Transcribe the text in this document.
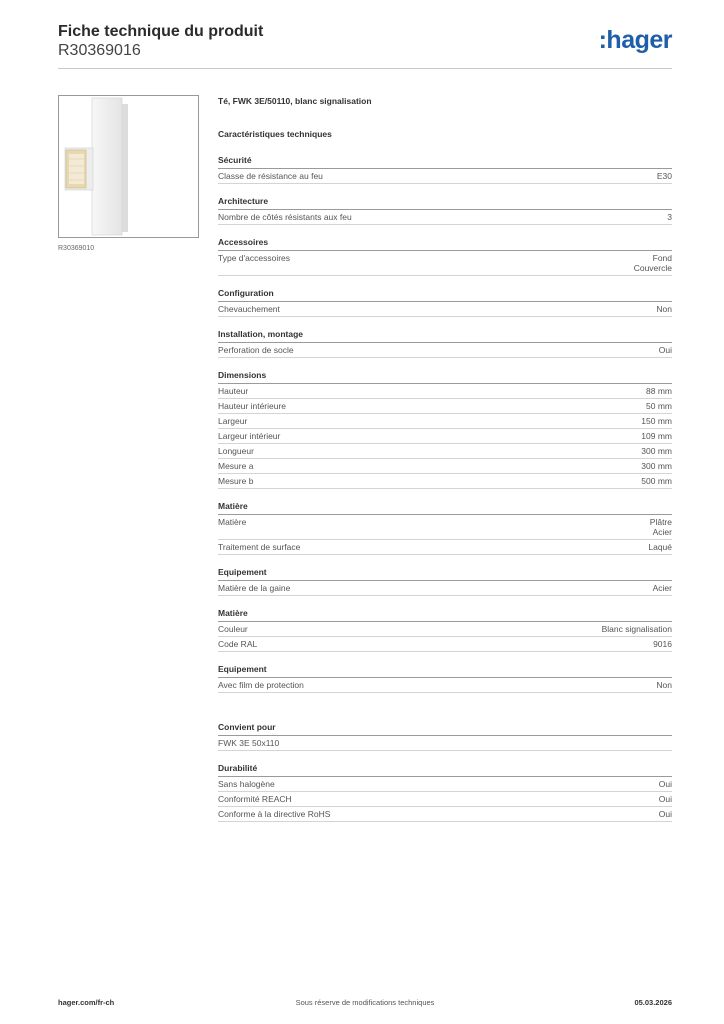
Fiche technique du produit
R30369016	:hager
R30369010
Té, FWK 3E/50110, blanc signalisation
Caractéristiques techniques
Sécurité
Classe de résistance au feu	E30
Architecture
Nombre de côtés résistants aux feu	3
Accessoires
Type d'accessoires	Fond
Couvercle
Configuration
Chevauchement	Non
Installation, montage
Perforation de socle	Oui
Dimensions
Hauteur	88 mm
Hauteur intérieure	50 mm
Largeur	150 mm
Largeur intérieur	109 mm
Longueur	300 mm
Mesure a	300 mm
Mesure b	500 mm
Matière
Matière	Plâtre
Acier
Traitement de surface	Laqué
Equipement
Matière de la gaine	Acier
Matière
Couleur	Blanc signalisation
Code RAL	9016
Equipement
Avec film de protection	Non
Convient pour
FWK 3E 50x110
Durabilité
Sans halogène	Oui
Conformité REACH	Oui
Conforme à la directive RoHS	Oui
hager.com/fr-ch	Sous réserve de modifications techniques	05.03.2026
